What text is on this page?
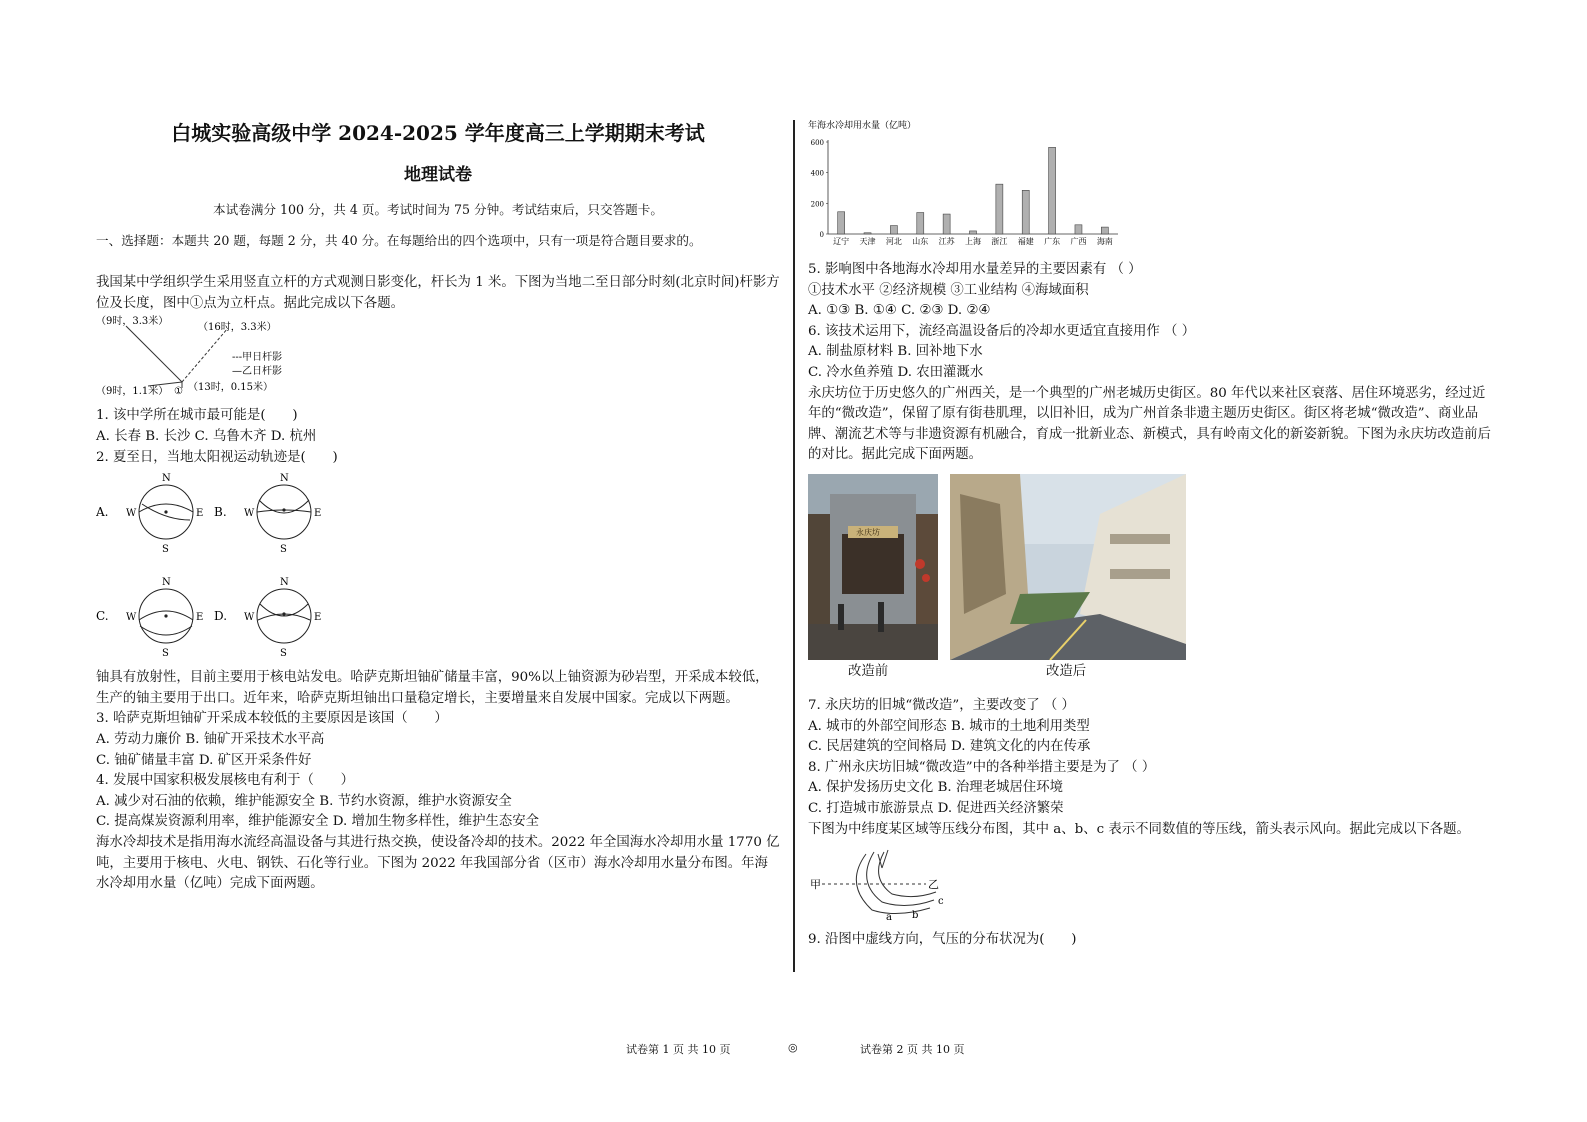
白城实验高级中学 2024-2025 学年度高三上学期期末考试
地理试卷

本试卷满分 100 分，共 4 页。考试时间为 75 分钟。考试结束后，只交答题卡。

一、选择题：本题共 20 题，每题 2 分，共 40 分。在每题给出的四个选项中，只有一项是符合题目要求的。

我国某中学组织学生采用竖直立杆的方式观测日影变化，杆长为 1 米。下图为当地二至日部分时刻(北京时间)杆影方位及长度，图中①点为立杆点。据此完成以下各题。

（9时，3.3米）
（16时，3.3米）
（9时，1.1米） ① （13时，0.15米）
---甲日杆影
—乙日杆影

1. 该中学所在城市最可能是(　　)

A. 长春 B. 长沙 C. 乌鲁木齐 D. 杭州

2. 夏至日，当地太阳视运动轨迹是(　　)

A.
N
S
W	E B.
N
S
W	E
C.
N
S
W	E D.
N
S
W	E

铀具有放射性，目前主要用于核电站发电。哈萨克斯坦铀矿储量丰富，90%以上铀资源为砂岩型，开采成本较低，生产的铀主要用于出口。近年来，哈萨克斯坦铀出口量稳定增长，主要增量来自发展中国家。完成以下两题。

3. 哈萨克斯坦铀矿开采成本较低的主要原因是该国（　　）

A. 劳动力廉价 B. 铀矿开采技术水平高

C. 铀矿储量丰富 D. 矿区开采条件好

4. 发展中国家积极发展核电有利于（　　）

A. 减少对石油的依赖，维护能源安全 B. 节约水资源，维护水资源安全

C. 提高煤炭资源利用率，维护能源安全 D. 增加生物多样性，维护生态安全

海水冷却技术是指用海水流经高温设备与其进行热交换，使设备冷却的技术。2022 年全国海水冷却用水量 1770 亿吨，主要用于核电、火电、钢铁、石化等行业。下图为 2022 年我国部分省（区市）海水冷却用水量分布图。年海水冷却用水量（亿吨）完成下面两题。

年海水冷却用水量（亿吨）
0
200
400
600
辽宁 天津 河北 山东 江苏 上海 浙江 福建 广东 广西 海南

5. 影响图中各地海水冷却用水量差异的主要因素有 （ ）

①技术水平 ②经济规模 ③工业结构 ④海域面积

A. ①③ B. ①④ C. ②③ D. ②④

6. 该技术运用下，流经高温设备后的冷却水更适宜直接用作 （ ）

A. 制盐原材料 B. 回补地下水

C. 冷水鱼养殖 D. 农田灌溉水

永庆坊位于历史悠久的广州西关，是一个典型的广州老城历史街区。80 年代以来社区衰落、居住环境恶劣，经过近年的“微改造”，保留了原有街巷肌理，以旧补旧，成为广州首条非遗主题历史街区。街区将老城“微改造”、商业品牌、潮流艺术等与非遗资源有机融合，育成一批新业态、新模式，具有岭南文化的新姿新貌。下图为永庆坊改造前后的对比。据此完成下面两题。

永庆坊
改造前	改造后

7. 永庆坊的旧城“微改造”，主要改变了 （ ）

A. 城市的外部空间形态 B. 城市的土地利用类型

C. 民居建筑的空间格局 D. 建筑文化的内在传承

8. 广州永庆坊旧城“微改造”中的各种举措主要是为了 （ ）

A. 保护发扬历史文化 B. 治理老城居住环境

C. 打造城市旅游景点 D. 促进西关经济繁荣

下图为中纬度某区域等压线分布图，其中 a、b、c 表示不同数值的等压线，箭头表示风向。据此完成以下各题。

甲	乙
a b
c

9. 沿图中虚线方向，气压的分布状况为(　　)

试卷第 1 页 共 10 页	◎	试卷第 2 页 共 10 页
